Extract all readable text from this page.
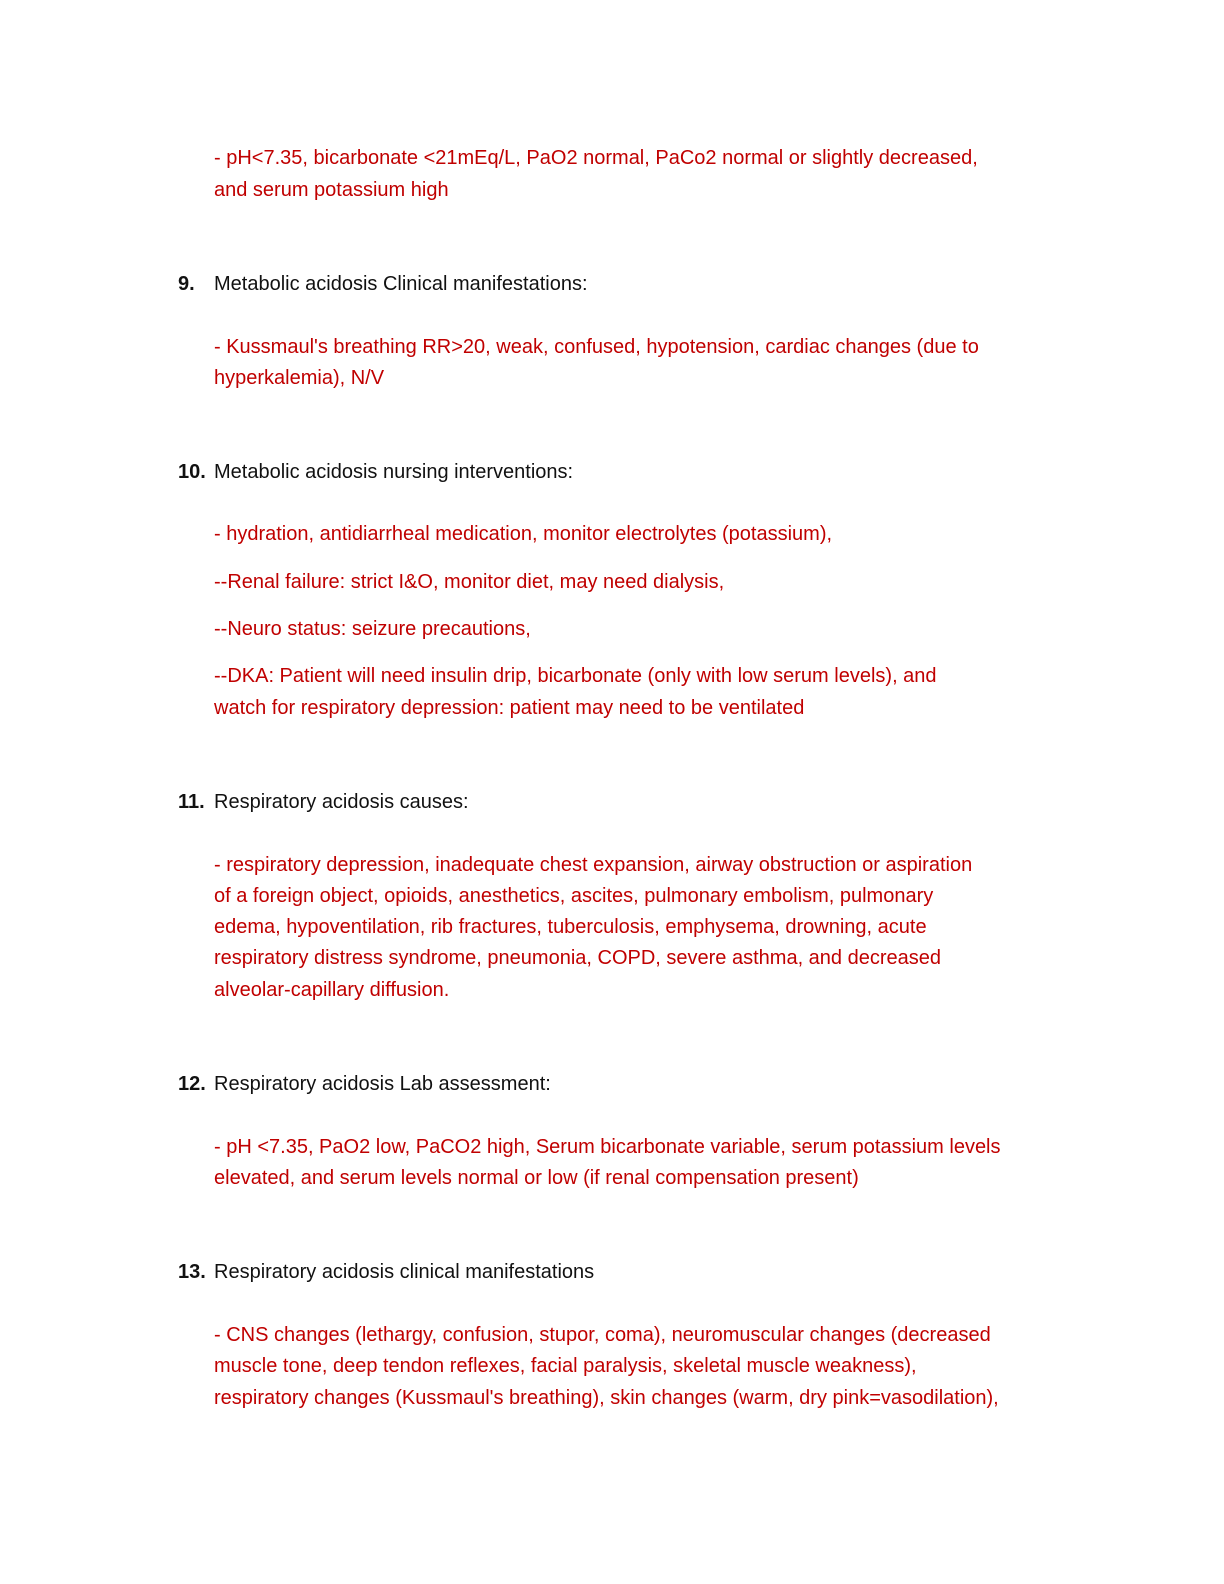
- pH<7.35, bicarbonate <21mEq/L, PaO2 normal, PaCo2 normal or slightly decreased,
and serum potassium high
9. Metabolic acidosis Clinical manifestations:
- Kussmaul's breathing RR>20, weak, confused, hypotension, cardiac changes (due to
hyperkalemia), N/V
10. Metabolic acidosis nursing interventions:
- hydration, antidiarrheal medication, monitor electrolytes (potassium),
--Renal failure: strict I&O, monitor diet, may need dialysis,
--Neuro status: seizure precautions,
--DKA: Patient will need insulin drip, bicarbonate (only with low serum levels), and
watch for respiratory depression: patient may need to be ventilated
11. Respiratory acidosis causes:
- respiratory depression, inadequate chest expansion, airway obstruction or aspiration
of a foreign object, opioids, anesthetics, ascites, pulmonary embolism, pulmonary
edema, hypoventilation, rib fractures, tuberculosis, emphysema, drowning, acute
respiratory distress syndrome, pneumonia, COPD, severe asthma, and decreased
alveolar-capillary diffusion.
12. Respiratory acidosis Lab assessment:
- pH <7.35, PaO2 low, PaCO2 high, Serum bicarbonate variable, serum potassium levels
elevated, and serum levels normal or low (if renal compensation present)
13. Respiratory acidosis clinical manifestations
- CNS changes (lethargy, confusion, stupor, coma), neuromuscular changes (decreased
muscle tone, deep tendon reflexes, facial paralysis, skeletal muscle weakness),
respiratory changes (Kussmaul's breathing), skin changes (warm, dry pink=vasodilation),
